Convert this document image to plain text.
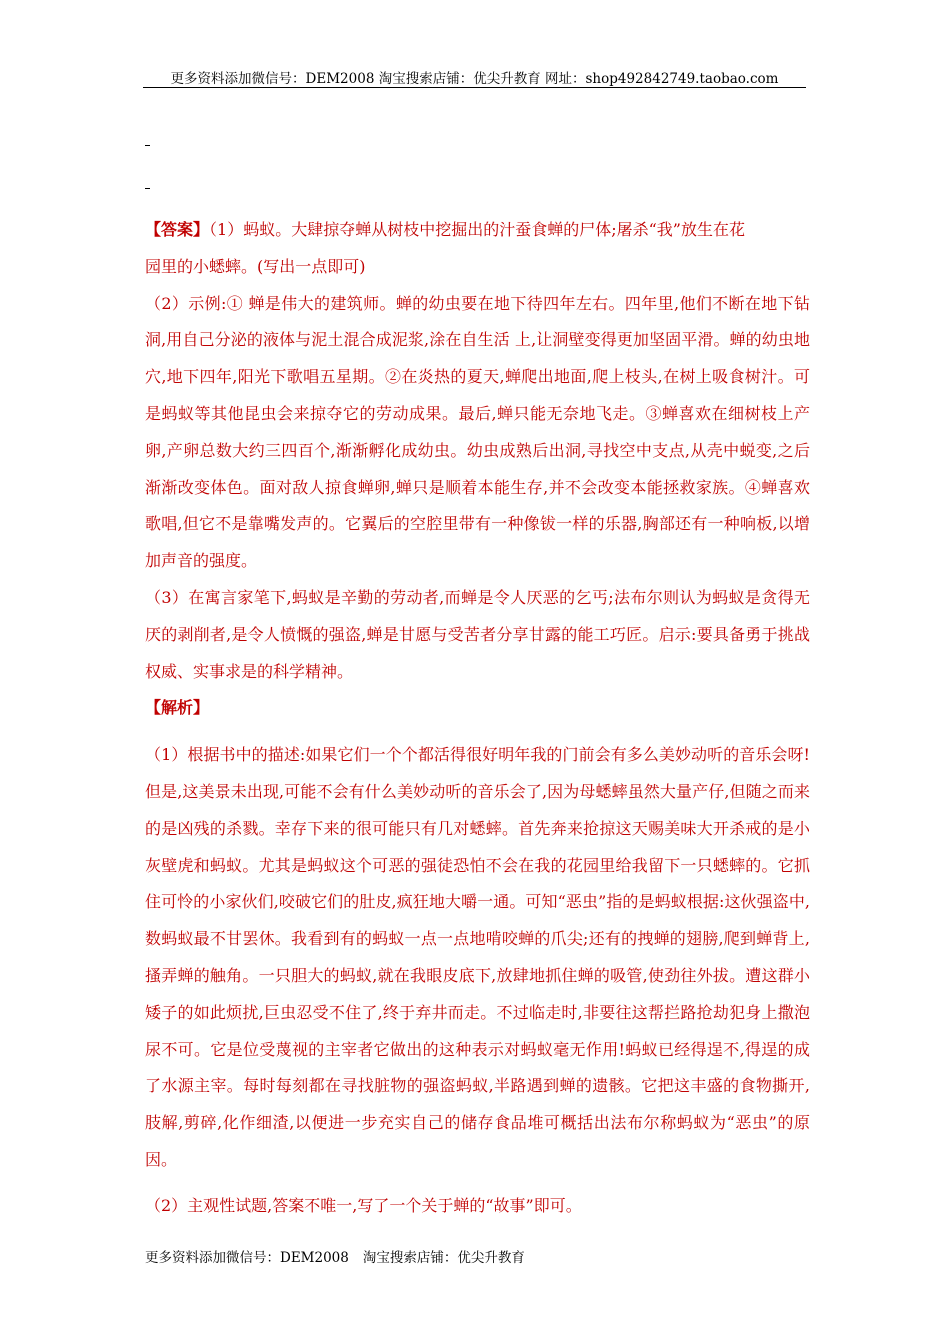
更多资料添加微信号：DEM2008 淘宝搜索店铺：优尖升教育 网址：shop492842749.taobao.com

【答案】（1）蚂蚁。大肆掠夺蝉从树枝中挖掘出的汁蚕食蝉的尸体;屠杀“我”放生在花

园里的小蟋蟀。(写出一点即可)

（2）示例:① 蝉是伟大的建筑师。蝉的幼虫要在地下待四年左右。四年里,他们不断在地下钻洞,用自己分泌的液体与泥土混合成泥浆,涂在自生活 上,让洞壁变得更加坚固平滑。蝉的幼虫地穴,地下四年,阳光下歌唱五星期。②在炎热的夏天,蝉爬出地面,爬上枝头,在树上吸食树汁。可是蚂蚁等其他昆虫会来掠夺它的劳动成果。最后,蝉只能无奈地飞走。③蝉喜欢在细树枝上产卵,产卵总数大约三四百个,渐渐孵化成幼虫。幼虫成熟后出洞,寻找空中支点,从壳中蜕变,之后渐渐改变体色。面对敌人掠食蝉卵,蝉只是顺着本能生存,并不会改变本能拯救家族。④蝉喜欢歌唱,但它不是靠嘴发声的。它翼后的空腔里带有一种像钹一样的乐器,胸部还有一种响板,以增加声音的强度。

（3）在寓言家笔下,蚂蚁是辛勤的劳动者,而蝉是令人厌恶的乞丐;法布尔则认为蚂蚁是贪得无厌的剥削者,是令人愤慨的强盗,蝉是甘愿与受苦者分享甘露的能工巧匠。启示:要具备勇于挑战权威、实事求是的科学精神。

【解析】

（1）根据书中的描述:如果它们一个个都活得很好明年我的门前会有多么美妙动听的音乐会呀!但是,这美景未出现,可能不会有什么美妙动听的音乐会了,因为母蟋蟀虽然大量产仔,但随之而来的是凶残的杀戮。幸存下来的很可能只有几对蟋蟀。首先奔来抢掠这天赐美味大开杀戒的是小灰壁虎和蚂蚁。尤其是蚂蚁这个可恶的强徒恐怕不会在我的花园里给我留下一只蟋蟀的。它抓住可怜的小家伙们,咬破它们的肚皮,疯狂地大嚼一通。可知“恶虫”指的是蚂蚁根据:这伙强盗中,数蚂蚁最不甘罢休。我看到有的蚂蚁一点一点地啃咬蝉的爪尖;还有的拽蝉的翅膀,爬到蝉背上,搔弄蝉的触角。一只胆大的蚂蚁,就在我眼皮底下,放肆地抓住蝉的吸管,使劲往外拔。遭这群小矮子的如此烦扰,巨虫忍受不住了,终于弃井而走。不过临走时,非要往这帮拦路抢劫犯身上撒泡尿不可。它是位受蔑视的主宰者它做出的这种表示对蚂蚁毫无作用!蚂蚁已经得逞不,得逞的成了水源主宰。每时每刻都在寻找脏物的强盗蚂蚁,半路遇到蝉的遗骸。它把这丰盛的食物撕开,肢解,剪碎,化作细渣,以便进一步充实自己的储存食品堆可概括出法布尔称蚂蚁为“恶虫”的原因。

（2）主观性试题,答案不唯一,写了一个关于蝉的“故事”即可。

更多资料添加微信号：DEM2008 淘宝搜索店铺：优尖升教育
